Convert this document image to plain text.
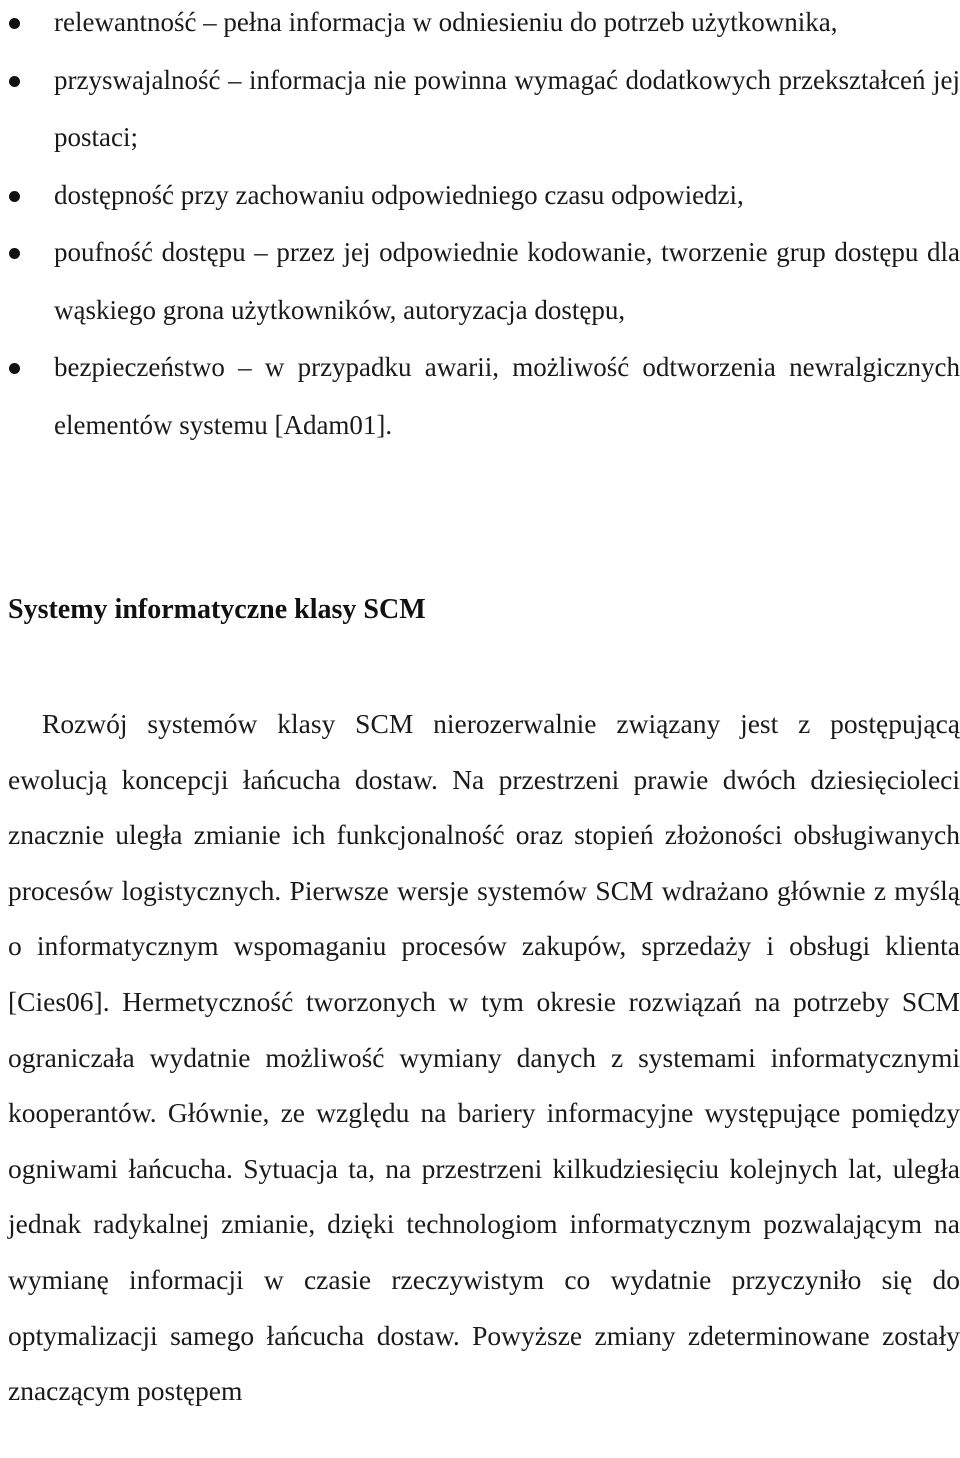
relewantność – pełna informacja w odniesieniu do potrzeb użytkownika,
przyswajalność – informacja nie powinna wymagać dodatkowych przekształceń jej postaci;
dostępność przy zachowaniu odpowiedniego czasu odpowiedzi,
poufność dostępu – przez jej odpowiednie kodowanie, tworzenie grup dostępu dla wąskiego grona użytkowników, autoryzacja dostępu,
bezpieczeństwo – w przypadku awarii, możliwość odtworzenia newralgicznych elementów systemu [Adam01].
Systemy informatyczne klasy SCM

Rozwój systemów klasy SCM nierozerwalnie związany jest z postępującą ewolucją koncepcji łańcucha dostaw. Na przestrzeni prawie dwóch dziesięcioleci znacznie uległa zmianie ich funkcjonalność oraz stopień złożoności obsługiwanych procesów logistycznych. Pierwsze wersje systemów SCM wdrażano głównie z myślą o informatycznym wspomaganiu procesów zakupów, sprzedaży i obsługi klienta [Cies06]. Hermetyczność tworzonych w tym okresie rozwiązań na potrzeby SCM ograniczała wydatnie możliwość wymiany danych z systemami informatycznymi kooperantów. Głównie, ze względu na bariery informacyjne występujące pomiędzy ogniwami łańcucha. Sytuacja ta, na przestrzeni kilkudziesięciu kolejnych lat, uległa jednak radykalnej zmianie, dzięki technologiom informatycznym pozwalającym na wymianę informacji w czasie rzeczywistym co wydatnie przyczyniło się do optymalizacji samego łańcucha dostaw. Powyższe zmiany zdeterminowane zostały znaczącym postępem
